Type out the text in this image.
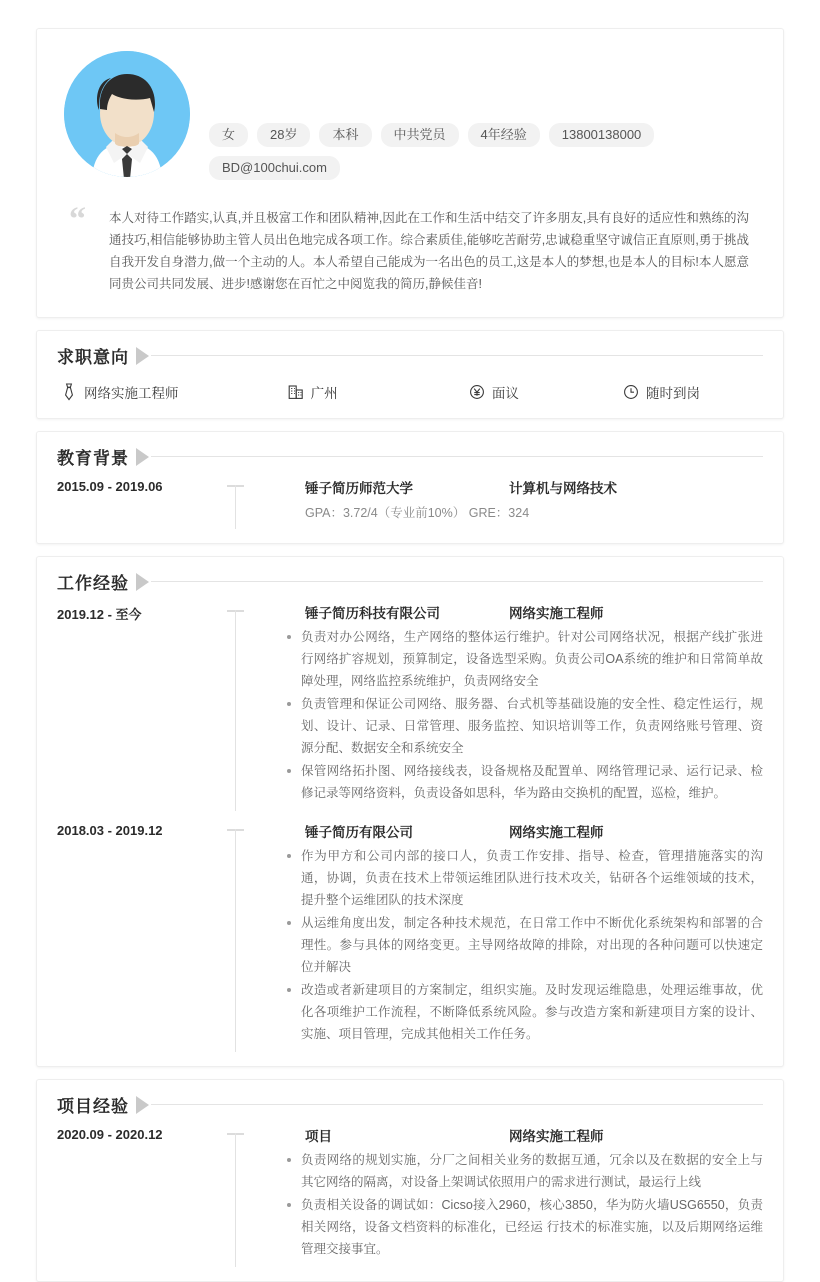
女	28岁	本科	中共党员	4年经验	13800138000
BD@100chui.com
“	本人对待工作踏实,认真,并且极富工作和团队精神,因此在工作和生活中结交了许多朋友,具有良好的适应性和熟练的沟通技巧,相信能够协助主管人员出色地完成各项工作。综合素质佳,能够吃苦耐劳,忠诚稳重坚守诚信正直原则,勇于挑战自我开发自身潜力,做一个主动的人。本人希望自己能成为一名出色的员工,这是本人的梦想,也是本人的目标!本人愿意同贵公司共同发展、进步!感谢您在百忙之中阅览我的简历,静候佳音!
求职意向
网络实施工程师	广州	面议	随时到岗
教育背景
2015.09 - 2019.06	锤子简历师范大学	计算机与网络技术
GPA：3.72/4（专业前10%） GRE：324
工作经验
2019.12 - 至今	锤子简历科技有限公司	网络实施工程师
负责对办公网络，生产网络的整体运行维护。针对公司网络状况，根据产线扩张进行网络扩容规划，预算制定，设备选型采购。负责公司OA系统的维护和日常简单故障处理，网络监控系统维护，负责网络安全
负责管理和保证公司网络、服务器、台式机等基础设施的安全性、稳定性运行，规划、设计、记录、日常管理、服务监控、知识培训等工作，负责网络账号管理、资源分配、数据安全和系统安全
保管网络拓扑图、网络接线表，设备规格及配置单、网络管理记录、运行记录、检修记录等网络资料，负责设备如思科，华为路由交换机的配置，巡检，维护。
2018.03 - 2019.12	锤子简历有限公司	网络实施工程师
作为甲方和公司内部的接口人，负责工作安排、指导、检查，管理措施落实的沟通，协调，负责在技术上带领运维团队进行技术攻关，钻研各个运维领域的技术，提升整个运维团队的技术深度
从运维角度出发，制定各种技术规范，在日常工作中不断优化系统架构和部署的合理性。参与具体的网络变更。主导网络故障的排除，对出现的各种问题可以快速定位并解决
改造或者新建项目的方案制定，组织实施。及时发现运维隐患，处理运维事故，优化各项维护工作流程，不断降低系统风险。参与改造方案和新建项目方案的设计、实施、项目管理，完成其他相关工作任务。
项目经验
2020.09 - 2020.12	项目	网络实施工程师
负责网络的规划实施，分厂之间相关业务的数据互通，冗余以及在数据的安全上与其它网络的隔离，对设备上架调试依照用户的需求进行测试，最运行上线
负责相关设备的调试如：Cicso接入2960，核心3850，华为防火墙USG6550，负责相关网络，设备文档资料的标准化，已经运 行技术的标准实施，以及后期网络运维管理交接事宜。
